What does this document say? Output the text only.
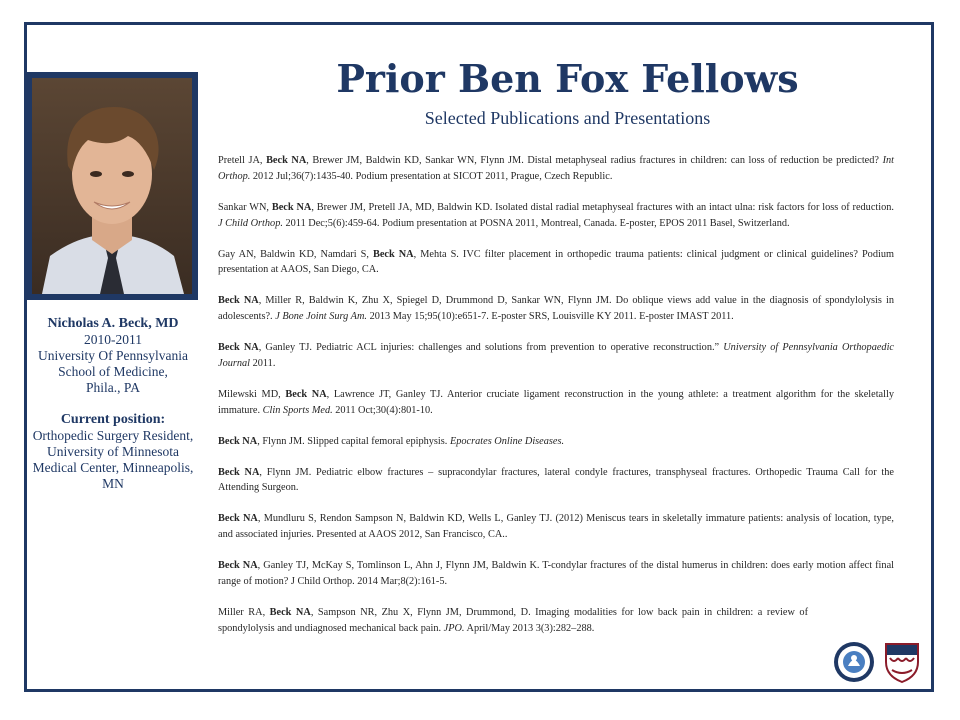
Prior Ben Fox Fellows
Selected Publications and Presentations
Nicholas A. Beck, MD
2010-2011
University Of Pennsylvania School of Medicine,
Phila., PA
Current position:
Orthopedic Surgery Resident, University of Minnesota Medical Center, Minneapolis, MN

Pretell JA, Beck NA, Brewer JM, Baldwin KD, Sankar WN, Flynn JM. Distal metaphyseal radius fractures in children: can loss of reduction be predicted? Int Orthop. 2012 Jul;36(7):1435-40. Podium presentation at SICOT 2011, Prague, Czech Republic.

Sankar WN, Beck NA, Brewer JM, Pretell JA, MD, Baldwin KD. Isolated distal radial metaphyseal fractures with an intact ulna: risk factors for loss of reduction. J Child Orthop. 2011 Dec;5(6):459-64. Podium presentation at POSNA 2011, Montreal, Canada. E-poster, EPOS 2011 Basel, Switzerland.

Gay AN, Baldwin KD, Namdari S, Beck NA, Mehta S. IVC filter placement in orthopedic trauma patients: clinical judgment or clinical guidelines? Podium presentation at AAOS, San Diego, CA.

Beck NA, Miller R, Baldwin K, Zhu X, Spiegel D, Drummond D, Sankar WN, Flynn JM. Do oblique views add value in the diagnosis of spondylolysis in adolescents?. J Bone Joint Surg Am. 2013 May 15;95(10):e651-7. E-poster SRS, Louisville KY 2011. E-poster IMAST 2011.

Beck NA, Ganley TJ. Pediatric ACL injuries: challenges and solutions from prevention to operative reconstruction.” University of Pennsylvania Orthopaedic Journal 2011.

Milewski MD, Beck NA, Lawrence JT, Ganley TJ. Anterior cruciate ligament reconstruction in the young athlete: a treatment algorithm for the skeletally immature. Clin Sports Med. 2011 Oct;30(4):801-10.

Beck NA, Flynn JM. Slipped capital femoral epiphysis. Epocrates Online Diseases.

Beck NA, Flynn JM. Pediatric elbow fractures – supracondylar fractures, lateral condyle fractures, transphyseal fractures. Orthopedic Trauma Call for the Attending Surgeon.

Beck NA, Mundluru S, Rendon Sampson N, Baldwin KD, Wells L, Ganley TJ. (2012) Meniscus tears in skeletally immature patients: analysis of location, type, and associated injuries. Presented at AAOS 2012, San Francisco, CA..

Beck NA, Ganley TJ, McKay S, Tomlinson L, Ahn J, Flynn JM, Baldwin K. T-condylar fractures of the distal humerus in children: does early motion affect final range of motion? J Child Orthop. 2014 Mar;8(2):161-5.

Miller RA, Beck NA, Sampson NR, Zhu X, Flynn JM, Drummond, D. Imaging modalities for low back pain in children: a review of spondylolysis and undiagnosed mechanical back pain. JPO. April/May 2013 3(3):282–288.
